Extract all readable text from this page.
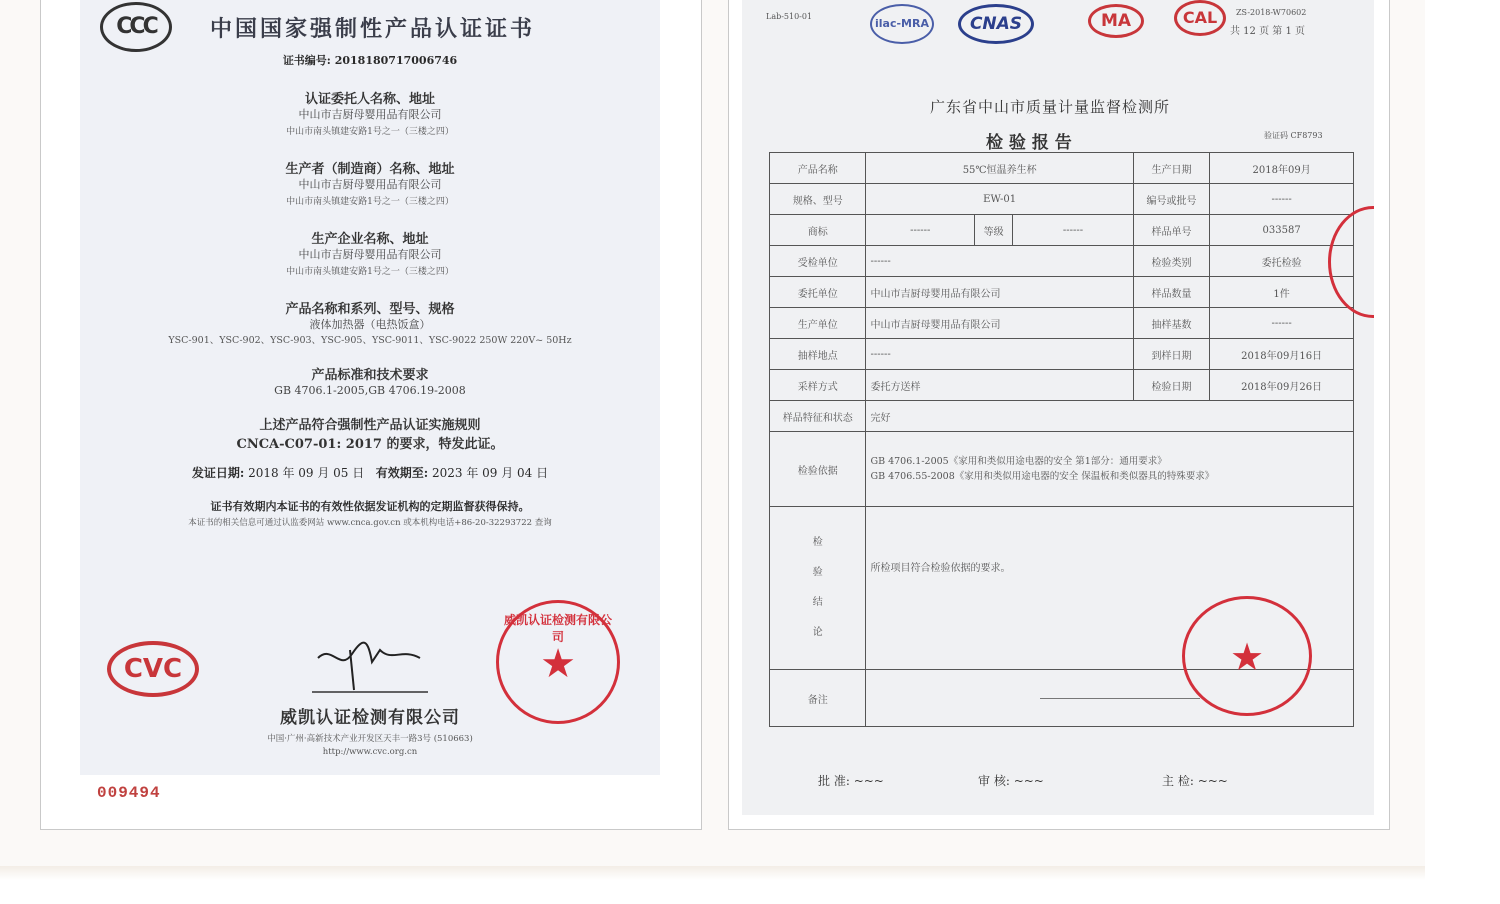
CCC	中国国家强制性产品认证证书
证书编号: 2018180717006746
认证委托人名称、地址
中山市吉厨母婴用品有限公司
中山市南头镇建安路1号之一（三楼之四）
生产者（制造商）名称、地址
中山市吉厨母婴用品有限公司
中山市南头镇建安路1号之一（三楼之四）
生产企业名称、地址
中山市吉厨母婴用品有限公司
中山市南头镇建安路1号之一（三楼之四）
产品名称和系列、型号、规格
液体加热器（电热饭盒）
YSC-901、YSC-902、YSC-903、YSC-905、YSC-9011、YSC-9022 250W 220V~ 50Hz
产品标准和技术要求
GB 4706.1-2005,GB 4706.19-2008
上述产品符合强制性产品认证实施规则
CNCA-C07-01: 2017 的要求，特发此证。
发证日期: 2018 年 09 月 05 日 有效期至: 2023 年 09 月 04 日
证书有效期内本证书的有效性依据发证机构的定期监督获得保持。
本证书的相关信息可通过认监委网站 www.cnca.gov.cn 或本机构电话+86-20-32293722 查询
CVC	★
威凯认证检测有限公司
威凯认证检测有限公司
中国·广州·高新技术产业开发区天丰一路3号 (510663)
http://www.cvc.org.cn
009494
Lab-510-01
ilac-MRA	CNAS	MA	CAL	ZS-2018-W70602
共 12 页 第 1 页
广东省中山市质量计量监督检测所
检 验 报 告	验证码 CF8793
产品名称	55℃恒温养生杯			生产日期	2018年09月
规格、型号	EW-01			编号或批号	------
商标	------	等级	------	样品单号	033587
受检单位	------			检验类别	委托检验
委托单位	中山市吉厨母婴用品有限公司			样品数量	1件
生产单位	中山市吉厨母婴用品有限公司			抽样基数	------
抽样地点	------			到样日期	2018年09月16日
采样方式	委托方送样			检验日期	2018年09月26日
样品特征和状态	完好				
检验依据	GB 4706.1-2005《家用和类似用途电器的安全 第1部分：通用要求》
GB 4706.55-2008《家用和类似用途电器的安全 保温板和类似器具的特殊要求》				

检
验
结
论	所检项目符合检验依据的要求。				
备注					
★
批 准: ~~~	审 核: ~~~	主 检: ~~~
